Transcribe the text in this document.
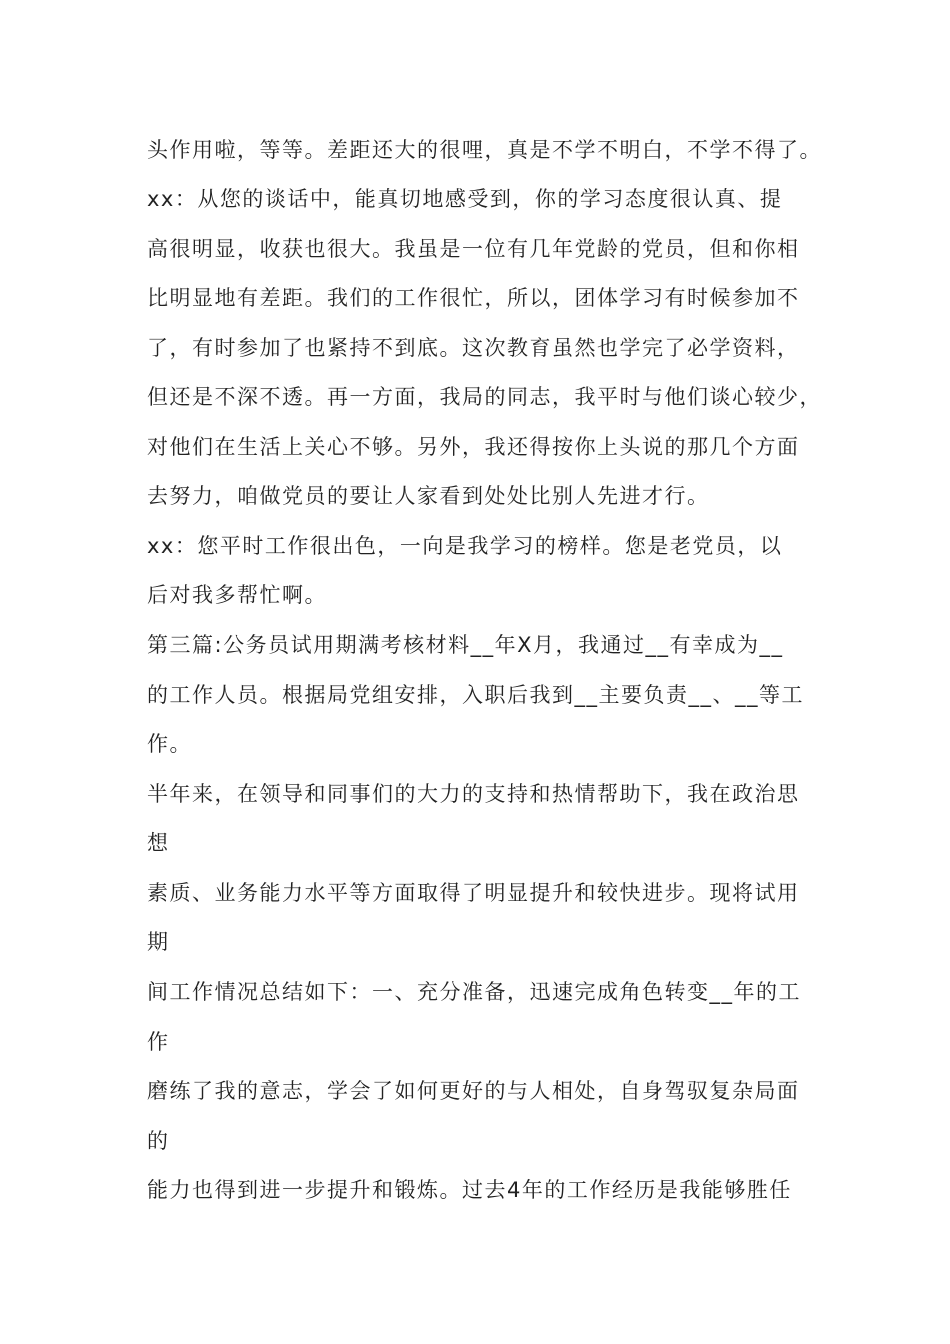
头作用啦，等等。差距还大的很哩，真是不学不明白，不学不得了。
xx：从您的谈话中，能真切地感受到，你的学习态度很认真、提
高很明显，收获也很大。我虽是一位有几年党龄的党员，但和你相
比明显地有差距。我们的工作很忙，所以，团体学习有时候参加不
了，有时参加了也紧持不到底。这次教育虽然也学完了必学资料，
但还是不深不透。再一方面，我局的同志，我平时与他们谈心较少，
对他们在生活上关心不够。另外，我还得按你上头说的那几个方面
去努力，咱做党员的要让人家看到处处比别人先进才行。
xx：您平时工作很出色，一向是我学习的榜样。您是老党员，以
后对我多帮忙啊。
第三篇:公务员试用期满考核材料__年X月，我通过__有幸成为__
的工作人员。根据局党组安排，入职后我到__主要负责__、__等工
作。
半年来，在领导和同事们的大力的支持和热情帮助下，我在政治思
想
素质、业务能力水平等方面取得了明显提升和较快进步。现将试用
期
间工作情况总结如下：一、充分准备，迅速完成角色转变__年的工
作
磨练了我的意志，学会了如何更好的与人相处，自身驾驭复杂局面
的
能力也得到进一步提升和锻炼。过去4年的工作经历是我能够胜任
